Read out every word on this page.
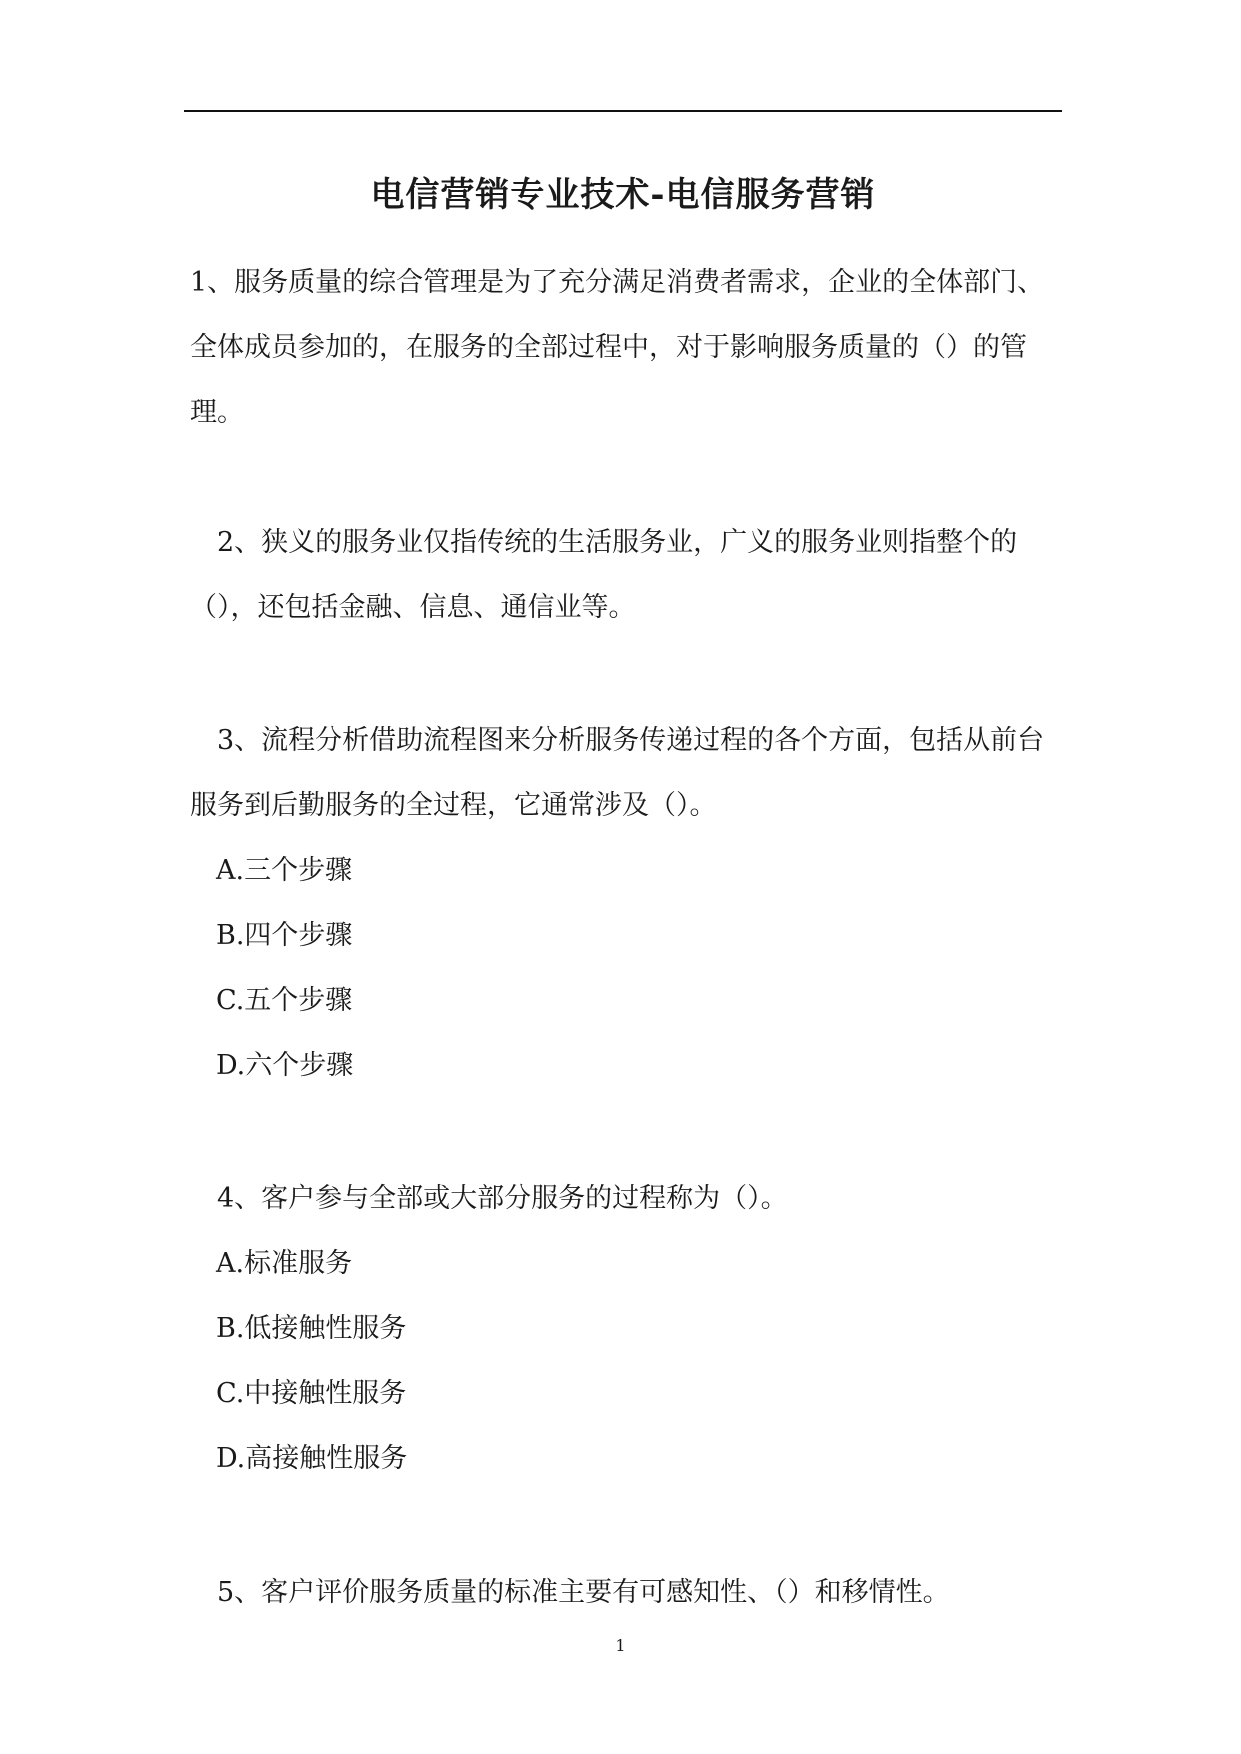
电信营销专业技术-电信服务营销

1、服务质量的综合管理是为了充分满足消费者需求，企业的全体部门、全体成员参加的，在服务的全部过程中，对于影响服务质量的（）的管理。

2、狭义的服务业仅指传统的生活服务业，广义的服务业则指整个的（），还包括金融、信息、通信业等。

3、流程分析借助流程图来分析服务传递过程的各个方面，包括从前台服务到后勤服务的全过程，它通常涉及（）。

A.三个步骤
B.四个步骤
C.五个步骤
D.六个步骤

4、客户参与全部或大部分服务的过程称为（）。

A.标准服务
B.低接触性服务
C.中接触性服务
D.高接触性服务

5、客户评价服务质量的标准主要有可感知性、（）和移情性。

1
